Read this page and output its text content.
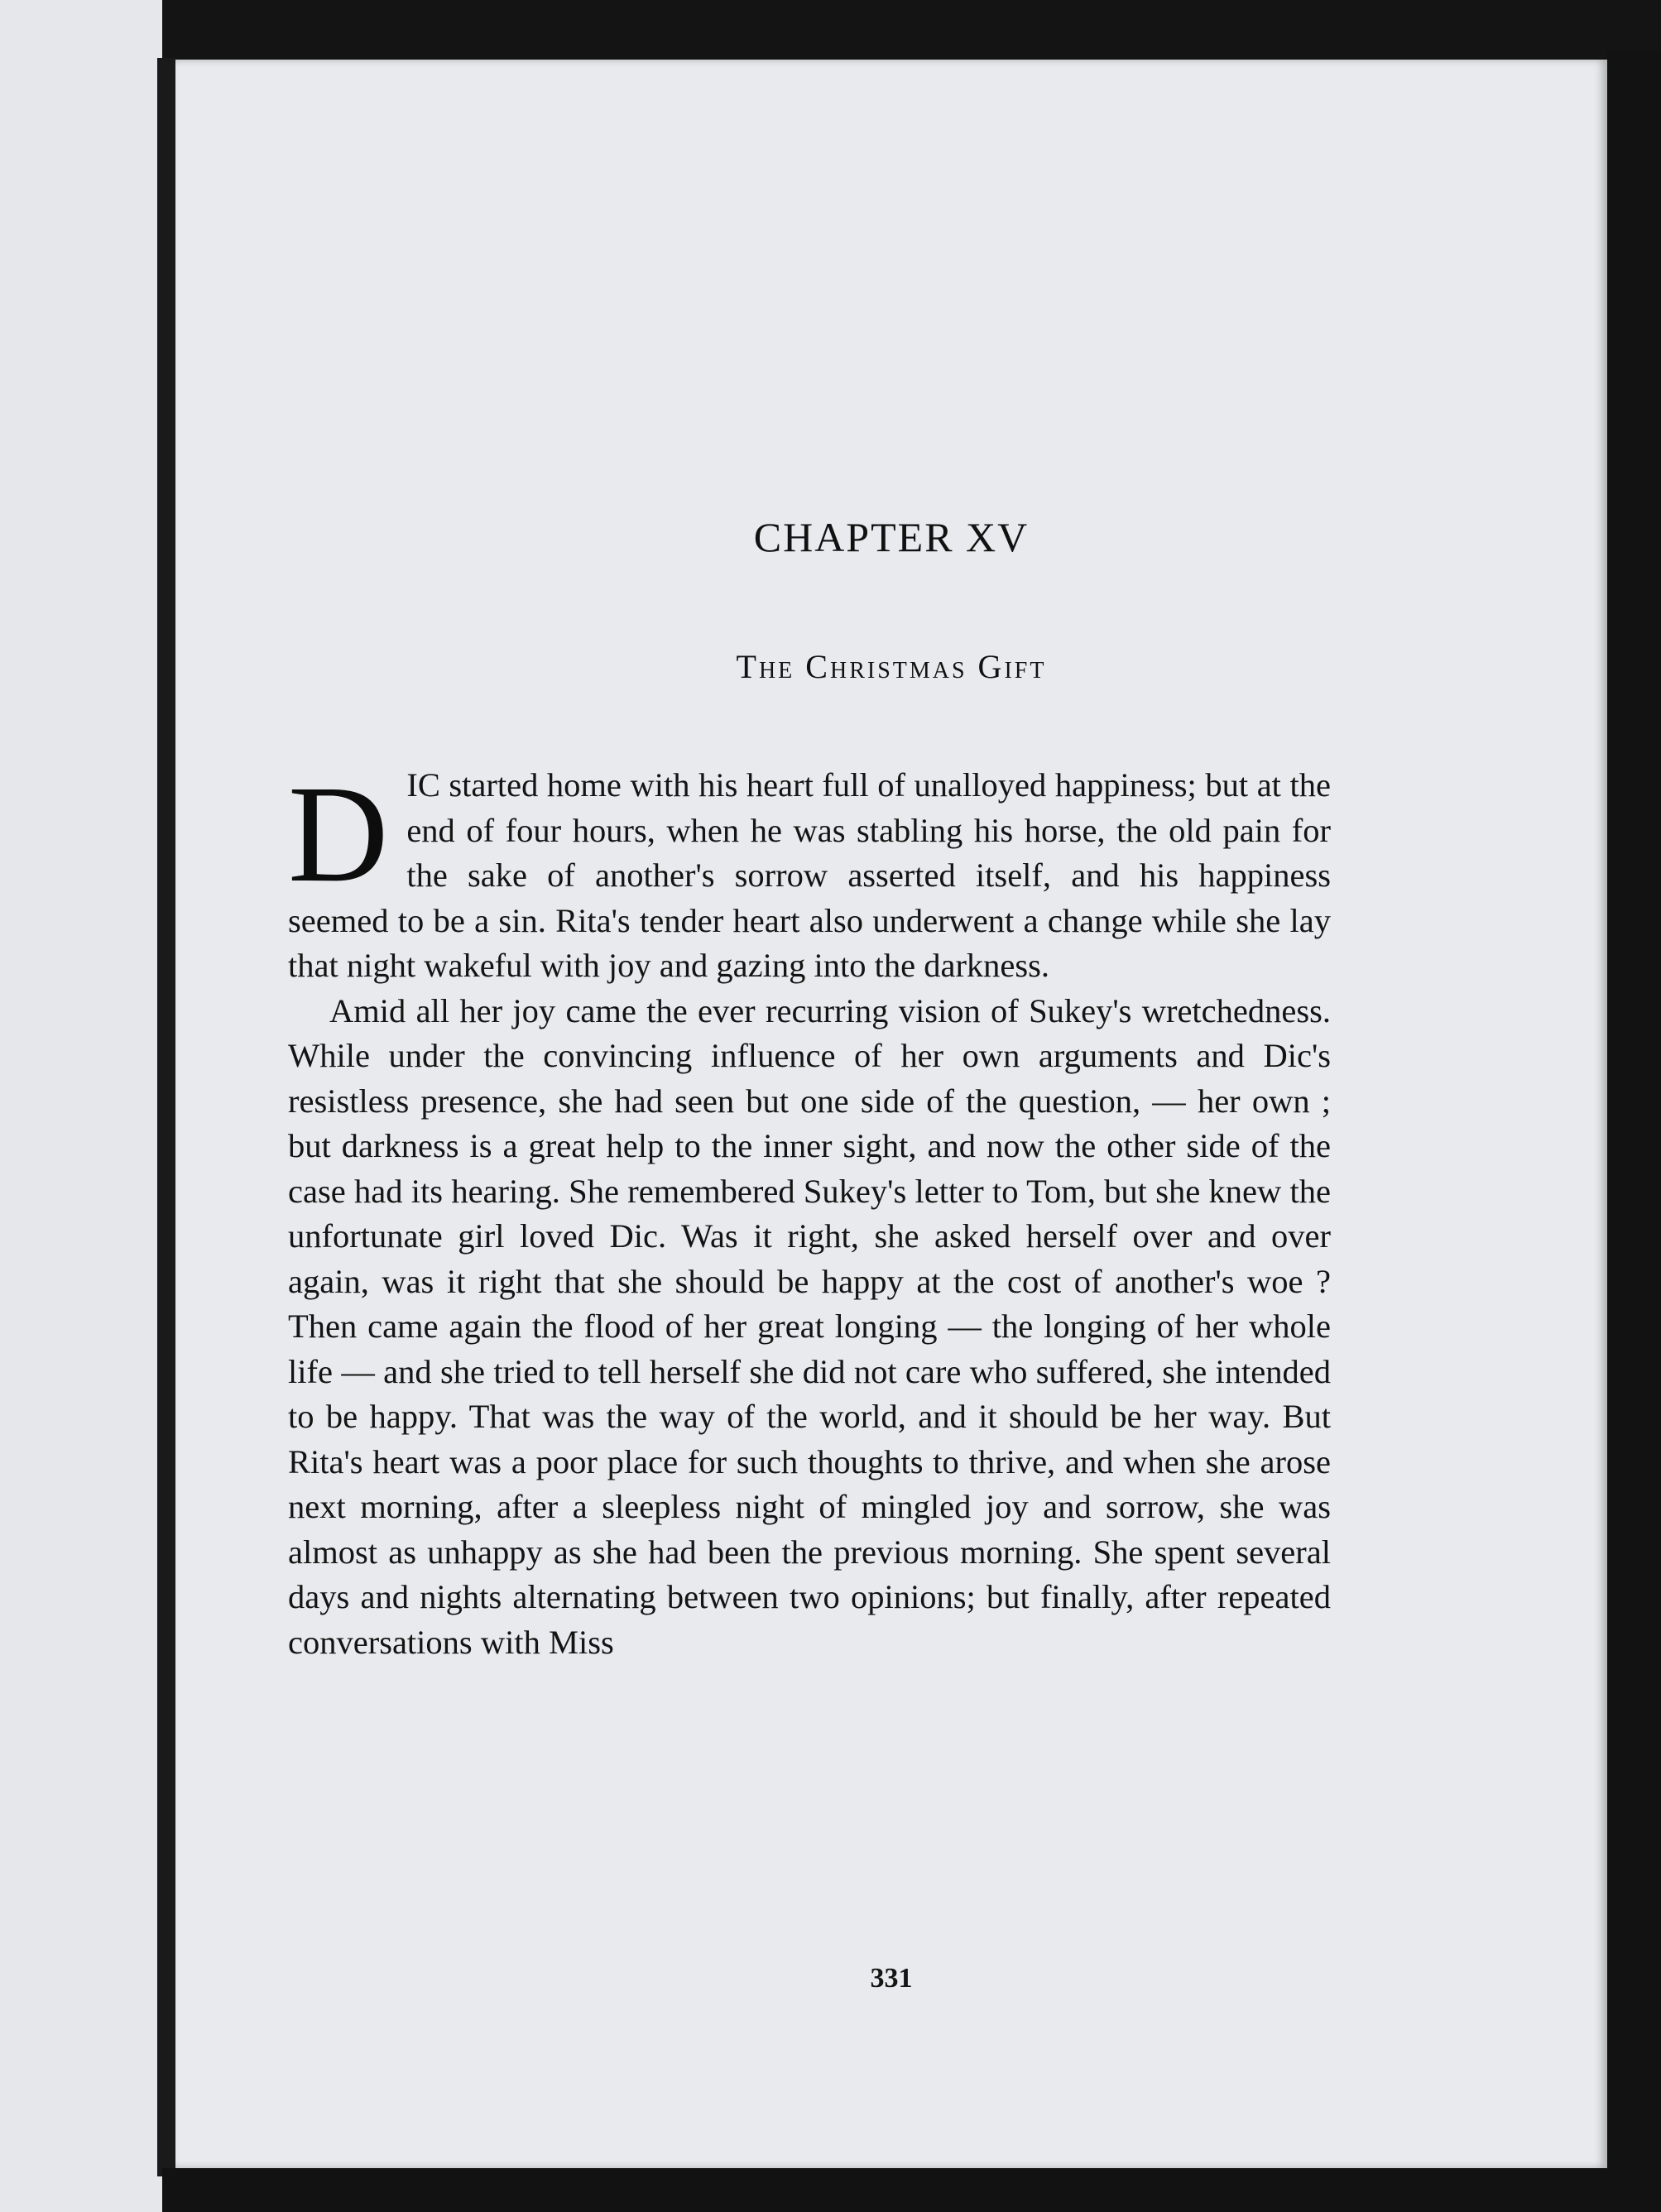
CHAPTER XV
The Christmas Gift

DIC started home with his heart full of unalloyed happiness; but at the end of four hours, when he was stabling his horse, the old pain for the sake of another's sorrow asserted itself, and his happiness seemed to be a sin. Rita's tender heart also underwent a change while she lay that night wakeful with joy and gazing into the darkness.

Amid all her joy came the ever recurring vision of Sukey's wretchedness. While under the convincing influence of her own arguments and Dic's resistless presence, she had seen but one side of the question, — her own ; but darkness is a great help to the inner sight, and now the other side of the case had its hearing. She remembered Sukey's letter to Tom, but she knew the unfortunate girl loved Dic. Was it right, she asked herself over and over again, was it right that she should be happy at the cost of another's woe ? Then came again the flood of her great longing — the longing of her whole life — and she tried to tell herself she did not care who suffered, she intended to be happy. That was the way of the world, and it should be her way. But Rita's heart was a poor place for such thoughts to thrive, and when she arose next morning, after a sleepless night of mingled joy and sorrow, she was almost as unhappy as she had been the previous morning. She spent several days and nights alternating between two opinions; but finally, after repeated conversations with Miss

331
